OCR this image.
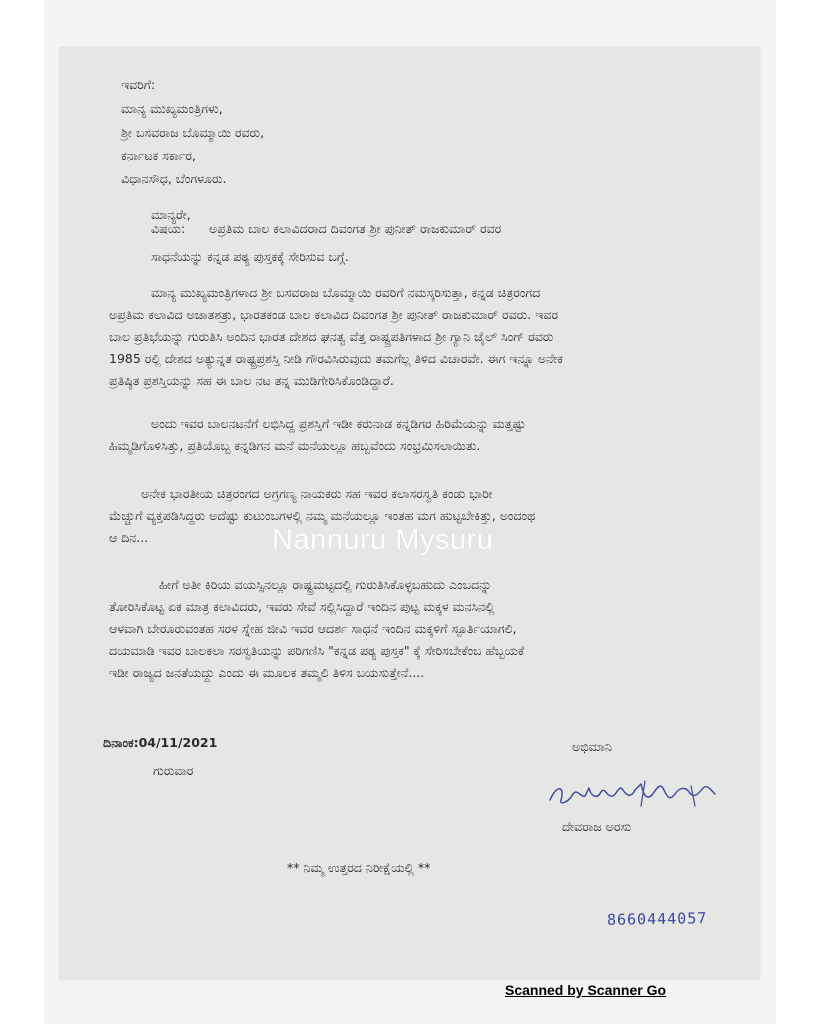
ಇವರಿಗೆ:
ಮಾನ್ಯ ಮುಖ್ಯಮಂತ್ರಿಗಳು,
ಶ್ರೀ ಬಸವರಾಜ ಬೊಮ್ಮಾಯಿ ರವರು,
ಕರ್ನಾಟಕ ಸರ್ಕಾರ,
ವಿಧಾನಸೌಧ, ಬೆಂಗಳೂರು.
ಮಾನ್ಯರೇ,
ವಿಷಯ: ಅಪ್ರತಿಮ ಬಾಲ ಕಲಾವಿದರಾದ ದಿವಂಗತ ಶ್ರೀ ಪುನೀತ್ ರಾಜಕುಮಾರ್ ರವರ
ಸಾಧನೆಯನ್ನು ಕನ್ನಡ ಪಠ್ಯ ಪುಸ್ತಕಕ್ಕೆ ಸೇರಿಸುವ ಬಗ್ಗೆ.
ಮಾನ್ಯ ಮುಖ್ಯಮಂತ್ರಿಗಳಾದ ಶ್ರೀ ಬಸವರಾಜ ಬೊಮ್ಮಾಯಿ ರವರಿಗೆ ನಮಸ್ಕರಿಸುತ್ತಾ, ಕನ್ನಡ ಚಿತ್ರರಂಗದ
ಅಪ್ರತಿಮ ಕಲಾವಿದ ಅಜಾತಶತ್ರು, ಭಾರತಕಂಡ ಬಾಲ ಕಲಾವಿದ ದಿವಂಗತ ಶ್ರೀ ಪುನೀತ್ ರಾಜಕುಮಾರ್ ರವರು. ಇವರ
ಬಾಲ ಪ್ರತಿಭೆಯನ್ನು ಗುರುತಿಸಿ ಅಂದಿನ ಭಾರತ ದೇಶದ ಘನತ್ವ ವೆತ್ತ ರಾಷ್ಟ್ರಪತಿಗಳಾದ ಶ್ರೀ ಗ್ಯಾನಿ ಜೈಲ್ ಸಿಂಗ್ ರವರು
1985 ರಲ್ಲಿ ದೇಶದ ಅತ್ಯುನ್ನತ ರಾಷ್ಟ್ರಪ್ರಶಸ್ತಿ ನೀಡಿ ಗೌರವಿಸಿರುವುದು ತಮಗೆಲ್ಲ ತಿಳಿದ ವಿಚಾರವೇ. ಈಗ ಇನ್ನೂ ಅನೇಕ
ಪ್ರತಿಷ್ಠಿತ ಪ್ರಶಸ್ತಿಯನ್ನು ಸಹ ಈ ಬಾಲ ನಟ ತನ್ನ ಮುಡಿಗೇರಿಸಿಕೊಂಡಿದ್ದಾರೆ.
ಅಂದು ಇವರ ಬಾಲನಟನೆಗೆ ಲಭಿಸಿದ್ದ ಪ್ರಶಸ್ತಿಗೆ ಇಡೀ ಕರುನಾಡ ಕನ್ನಡಿಗರ ಹಿರಿಮೆಯನ್ನು ಮತ್ತಷ್ಟು
ಹಿಮ್ಮಡಿಗೊಳಿಸಿತ್ತು, ಪ್ರತಿಯೊಬ್ಬ ಕನ್ನಡಿಗನ ಮನೆ ಮನೆಯಲ್ಲೂ ಹಬ್ಬವೆಂದು ಸಂಭ್ರಮಿಸಲಾಯಿತು.
ಅನೇಕ ಭಾರತೀಯ ಚಿತ್ರರಂಗದ ಅಗ್ರಗಣ್ಯ ನಾಯಕರು ಸಹ ಇವರ ಕಲಾಸರಸ್ವತಿ ಕಂಡು ಭಾರೀ
ಮೆಚ್ಚುಗೆ ವ್ಯಕ್ತಪಡಿಸಿದ್ದರು ಅದೆಷ್ಟು ಕುಟುಂಬಗಳಲ್ಲಿ ನಮ್ಮ ಮನೆಯಲ್ಲೂ ಇಂತಹ ಮಗ ಹುಟ್ಟಬೇಕಿತ್ತು, ಅಂದಂಥ
ಆ ದಿನ...
ಹೀಗೆ ಅತೀ ಕಿರಿಯ ವಯಸ್ಸಿನಲ್ಲೂ ರಾಷ್ಟ್ರಮಟ್ಟದಲ್ಲಿ ಗುರುತಿಸಿಕೊಳ್ಳಬಹುದು ಎಂಬದನ್ನು
ತೋರಿಸಿಕೊಟ್ಟ ಏಕ ಮಾತ್ರ ಕಲಾವಿದರು, ಇವರು ಸೇವೆ ಸಲ್ಲಿಸಿದ್ದಾರೆ ಇಂದಿನ ಪುಟ್ಟ ಮಕ್ಕಳ ಮನಸಿನಲ್ಲಿ
ಆಳವಾಗಿ ಬೇರೂರುವಂತಹ ಸರಳ ಸ್ನೇಹ ಜೀವಿ ಇವರ ಆದರ್ಶ ಸಾಧನೆ ಇಂದಿನ ಮಕ್ಕಳಿಗೆ ಸ್ಪೂರ್ತಿಯಾಗಲಿ,
ದಯಮಾಡಿ ಇವರ ಬಾಲಕಲಾ ಸರಸ್ವತಿಯನ್ನು ಪರಿಗಣಿಸಿ "ಕನ್ನಡ ಪಠ್ಯ ಪುಸ್ತಕ" ಕ್ಕೆ ಸೇರಿಸಬೇಕೆಂಬ ಹೆಬ್ಬಯಕೆ
ಇಡೀ ರಾಜ್ಯದ ಜನತೆಯದ್ದು ಎಂದು ಈ ಮೂಲಕ ತಮ್ಮಲಿ ತಿಳಿಸ ಬಯಸುತ್ತೇನೆ....
ದಿನಾಂಕ:04/11/2021
ಗುರುವಾರ
ಅಭಿಮಾನಿ
ದೇವರಾಜ ಅರಸು
** ನಿಮ್ಮ ಉತ್ತರದ ನಿರೀಕ್ಷೆಯಲ್ಲಿ **
Nannuru Mysuru
8660444057
Scanned by Scanner Go
